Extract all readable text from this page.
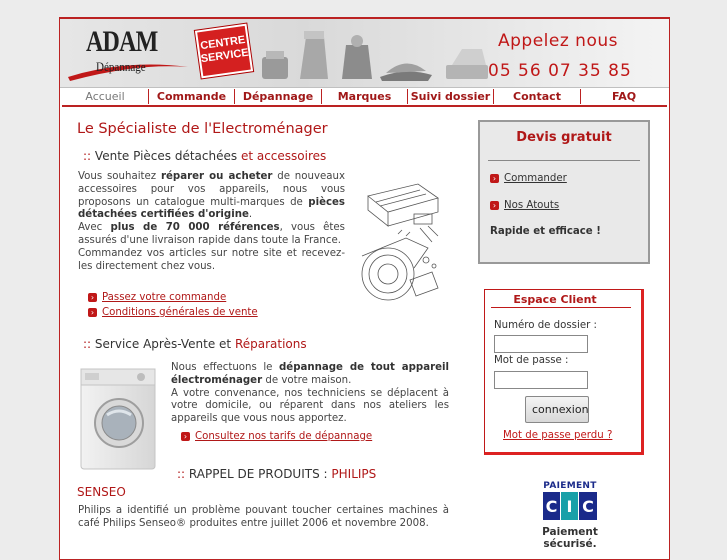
ADAM
Dépannage
CENTRE SERVICE
Appelez nous
05 56 07 35 85
Accueil	Commande	Dépannage	Marques	Suivi dossier	Contact	FAQ
Le Spécialiste de l'Electroménager
:: Vente Pièces détachées et accessoires
Vous souhaitez réparer ou acheter de nouveaux accessoires pour vos appareils, nous vous proposons un catalogue multi-marques de pièces détachées certifiées d'origine.
Avec plus de 70 000 références, vous êtes assurés d'une livraison rapide dans toute la France.
Commandez vos articles sur notre site et recevez-les directement chez vous.
› Passez votre commande
› Conditions générales de vente
:: Service Après-Vente et Réparations
Nous effectuons le dépannage de tout appareil électroménager de votre maison.
A votre convenance, nos techniciens se déplacent à votre domicile, ou réparent dans nos ateliers les appareils que vous nous apportez.
› Consultez nos tarifs de dépannage
:: RAPPEL DE PRODUITS : PHILIPS
SENSEO
Philips a identifié un problème pouvant toucher certaines machines à café Philips Senseo® produites entre juillet 2006 et novembre 2008.
Devis gratuit
› Commander
› Nos Atouts
Rapide et efficace !
Espace Client
Numéro de dossier :
Mot de passe :
connexion
Mot de passe perdu ?
PAIEMENT
C I C
Paiement sécurisé.
